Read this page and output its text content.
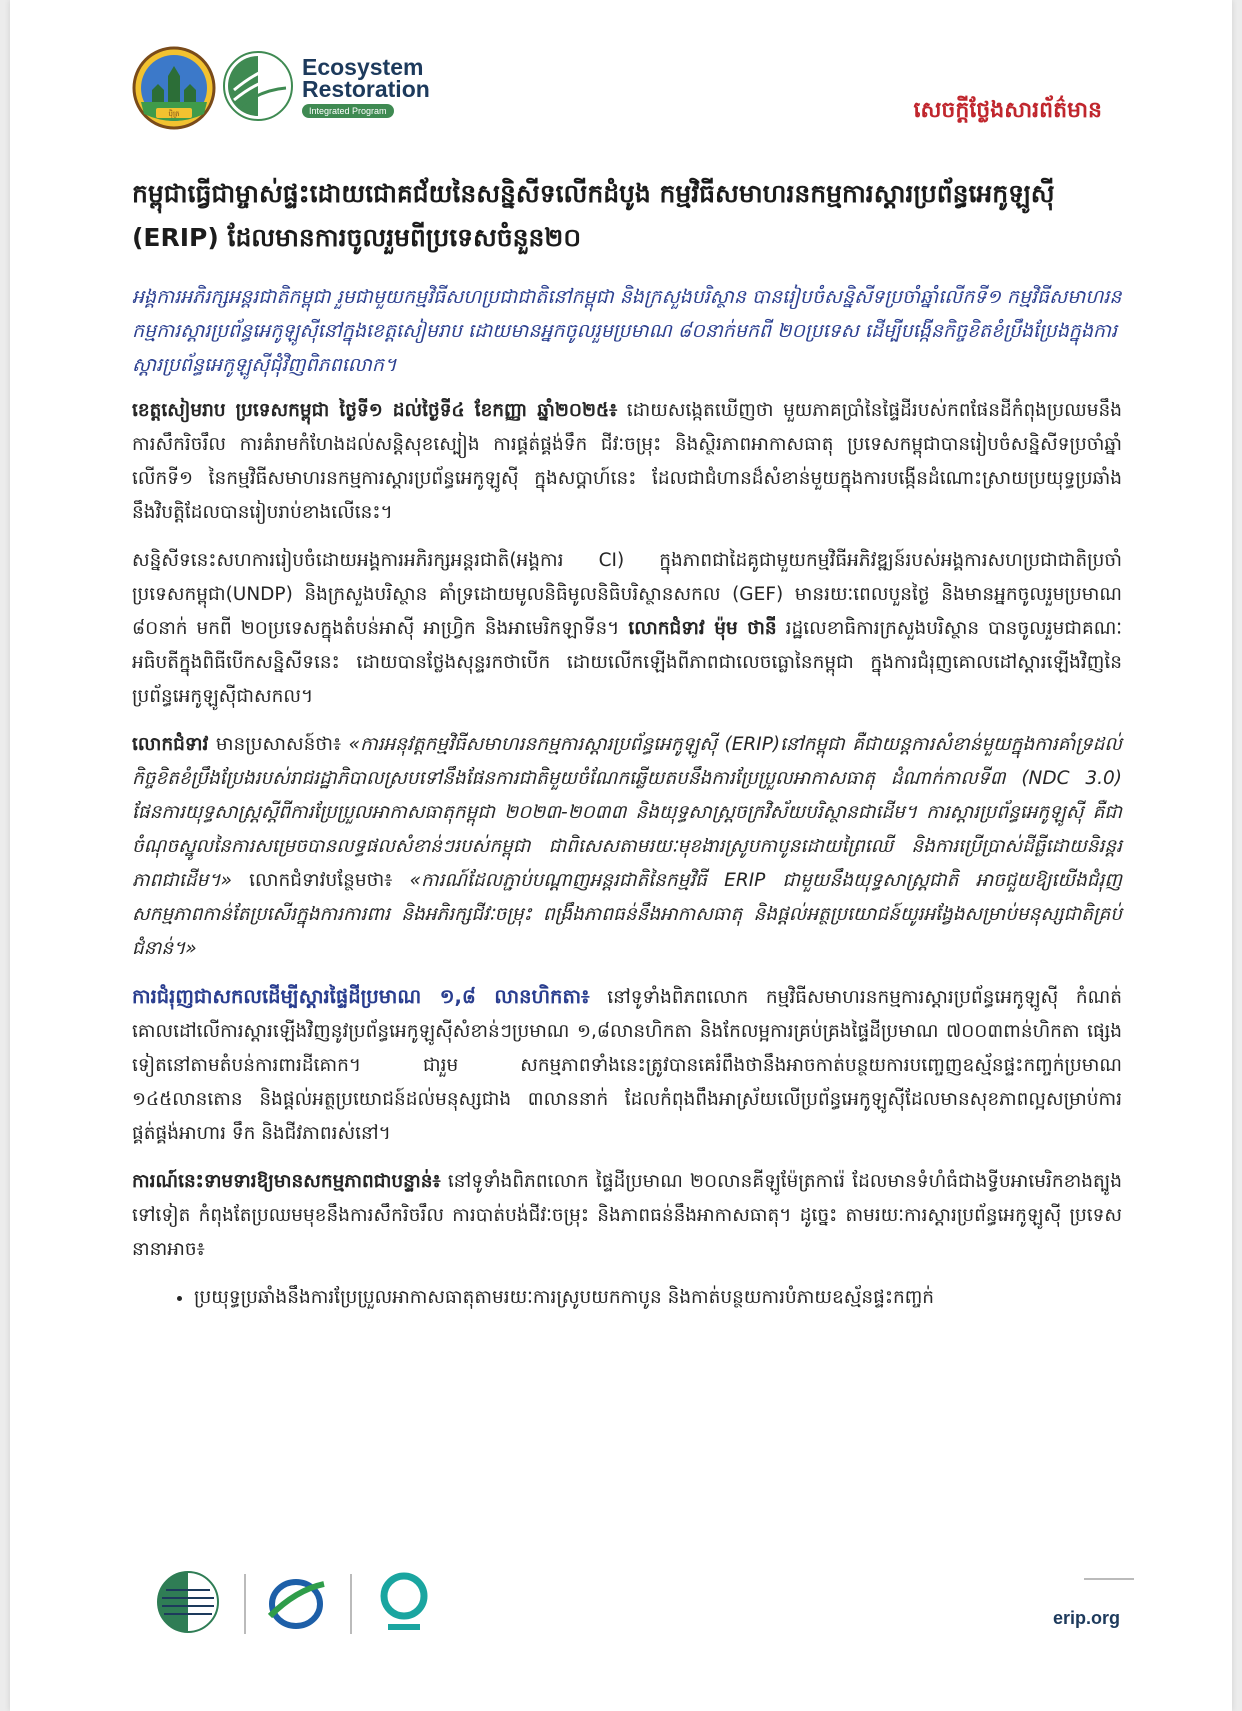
ប៉ិត្រ
Ecosystem
Restoration
Integrated Program	សេចក្តីថ្លែងសារព័ត៌មាន
កម្ពុជាធ្វើជាម្ចាស់ផ្ទះដោយជោគជ័យនៃសន្និសីទលើកដំបូង កម្មវិធីសមាហរនកម្មការស្តារប្រព័ន្ធអេកូឡូស៊ី (ERIP) ដែលមានការចូលរួមពីប្រទេសចំនួន២០

អង្គការអភិរក្សអន្តរជាតិកម្ពុជា រួមជាមួយកម្មវិធីសហប្រជាជាតិនៅកម្ពុជា និងក្រសួងបរិស្ថាន បានរៀបចំសន្និសីទប្រចាំឆ្នាំលើកទី១ កម្មវិធីសមាហរនកម្មការស្តារប្រព័ន្ធអេកូឡូស៊ីនៅក្នុងខេត្តសៀមរាប ដោយមានអ្នកចូលរួមប្រមាណ ៨០នាក់មកពី ២០ប្រទេស ដើម្បីបង្កើនកិច្ចខិតខំប្រឹងប្រែងក្នុងការស្តារប្រព័ន្ធអេកូឡូស៊ីជុំវិញពិភពលោក។

ខេត្តសៀមរាប ប្រទេសកម្ពុជា ថ្ងៃទី១ ដល់ថ្ងៃទី៤ ខែកញ្ញា ឆ្នាំ២០២៥៖ ដោយសង្កេតឃើញថា មួយភាគប្រាំនៃផ្ទៃដីរបស់កពផែនដីកំពុងប្រឈមនឹងការសឹករិចរឹល ការគំរាមកំហែងដល់សន្តិសុខស្បៀង ការផ្គត់ផ្គង់ទឹក ជីវៈចម្រុះ និងស្ថិរភាពអាកាសធាតុ ប្រទេសកម្ពុជាបានរៀបចំសន្និសីទប្រចាំឆ្នាំលើកទី១ នៃកម្មវិធីសមាហរនកម្មការស្តារប្រព័ន្ធអេកូឡូស៊ី ក្នុងសប្តាហ៍នេះ ដែលជាជំហានដ៏សំខាន់មួយក្នុងការបង្កើនដំណោះស្រាយប្រយុទ្ធប្រឆាំងនឹងវិបត្តិដែលបានរៀបរាប់ខាងលើនេះ។

សន្និសីទនេះសហការរៀបចំដោយអង្គការអភិរក្សអន្តរជាតិ(អង្គការ CI) ក្នុងភាពជាដៃគូជាមួយកម្មវិធីអភិវឌ្ឍន៍របស់អង្គការសហប្រជាជាតិប្រចាំប្រទេសកម្ពុជា(UNDP) និងក្រសួងបរិស្ថាន គាំទ្រដោយមូលនិធិមូលនិធិបរិស្ថានសកល (GEF) មានរយៈពេលបួនថ្ងៃ និងមានអ្នកចូលរួមប្រមាណ ៨០នាក់ មកពី ២០ប្រទេសក្នុងតំបន់អាស៊ី អាហ្វ្រិក និងអាមេរិកឡាទីន។ លោកជំទាវ ម៉ុម ថានី រដ្ឋលេខាធិការក្រសួងបរិស្ថាន បានចូលរួមជាគណៈអធិបតីក្នុងពិធីបើកសន្និសីទនេះ ដោយបានថ្លែងសុន្ទរកថាបើក ដោយលើកឡើងពីភាពជាលេចធ្លោនៃកម្ពុជា ក្នុងការជំរុញគោលដៅស្តារឡើងវិញនៃប្រព័ន្ធអេកូឡូស៊ីជាសកល។

លោកជំទាវ មានប្រសាសន៍ថា៖ «ការអនុវត្តកម្មវិធីសមាហរនកម្មការស្តារប្រព័ន្ធអេកូឡូស៊ី (ERIP)នៅកម្ពុជា គឺជាយន្តការសំខាន់មួយក្នុងការគាំទ្រដល់កិច្ចខិតខំប្រឹងប្រែងរបស់រាជរដ្ឋាភិបាលស្របទៅនឹងផែនការជាតិមួយចំណែកឆ្លើយតបនឹងការប្រែប្រួលអាកាសធាតុ ដំណាក់កាលទី៣ (NDC 3.0) ផែនការយុទ្ធសាស្រ្តស្តីពីការប្រែប្រួលអាកាសធាតុកម្ពុជា ២០២៣-២០៣៣ និងយុទ្ធសាស្រ្តចក្រវិស័យបរិស្ថានជាដើម។ ការស្តារប្រព័ន្ធអេកូឡូស៊ី គឺជាចំណុចស្នូលនៃការសម្រេចបានលទ្ធផលសំខាន់ៗរបស់កម្ពុជា ជាពិសេសតាមរយៈមុខងារស្រូបកាបូនដោយព្រៃឈើ និងការប្រើប្រាស់ដីធ្លីដោយនិរន្តរភាពជាដើម។» លោកជំទាវបន្ថែមថា៖ «ការណ៍ដែលភ្ជាប់បណ្តាញអន្តរជាតិនៃកម្មវិធី ERIP ជាមួយនឹងយុទ្ធសាស្រ្តជាតិ អាចជួយឱ្យយើងជំរុញសកម្មភាពកាន់តែប្រសើរក្នុងការការពារ និងអភិរក្សជីវៈចម្រុះ ពង្រឹងភាពធន់នឹងអាកាសធាតុ និងផ្តល់អត្ថប្រយោជន៍យូរអង្វែងសម្រាប់មនុស្សជាតិគ្រប់ជំនាន់។»

ការជំរុញជាសកលដើម្បីស្តារផ្ទៃដីប្រមាណ ១,៨ លានហិកតា៖ នៅទូទាំងពិភពលោក កម្មវិធីសមាហរនកម្មការស្តារប្រព័ន្ធអេកូឡូស៊ី កំណត់គោលដៅលើការស្តារឡើងវិញនូវប្រព័ន្ធអេកូឡូស៊ីសំខាន់ៗប្រមាណ ១,៨លានហិកតា និងកែលម្អការគ្រប់គ្រងផ្ទៃដីប្រមាណ ៧០០៣ពាន់ហិកតា ផ្សេងទៀតនៅតាមតំបន់ការពារដីគោក។ ជារួម សកម្មភាពទាំងនេះត្រូវបានគេរំពឹងថានឹងអាចកាត់បន្ថយការបញ្ចេញឧស្ម័នផ្ទះកញ្ចក់ប្រមាណ ១៤៥លានតោន និងផ្តល់អត្ថប្រយោជន៍ដល់មនុស្សជាង ៣លាននាក់ ដែលកំពុងពឹងអាស្រ័យលើប្រព័ន្ធអេកូឡូស៊ីដែលមានសុខភាពល្អសម្រាប់ការផ្គត់ផ្គង់អាហារ ទឹក និងជីវភាពរស់នៅ។

ការណ៍នេះទាមទារឱ្យមានសកម្មភាពជាបន្ទាន់៖ នៅទូទាំងពិភពលោក ផ្ទៃដីប្រមាណ ២០លានគីឡូម៉ែត្រការ៉េ ដែលមានទំហំធំជាងទ្វីបអាមេរិកខាងត្បូងទៅទៀត កំពុងតែប្រឈមមុខនឹងការសឹករិចរឹល ការបាត់បង់ជីវៈចម្រុះ និងភាពធន់នឹងអាកាសធាតុ។ ដូច្នេះ តាមរយៈការស្តារប្រព័ន្ធអេកូឡូស៊ី ប្រទេសនានាអាច៖

• ប្រយុទ្ធប្រឆាំងនឹងការប្រែប្រួលអាកាសធាតុតាមរយៈការស្រូបយកកាបូន និងកាត់បន្ថយការបំភាយឧស្ម័នផ្ទះកញ្ចក់
erip.org
